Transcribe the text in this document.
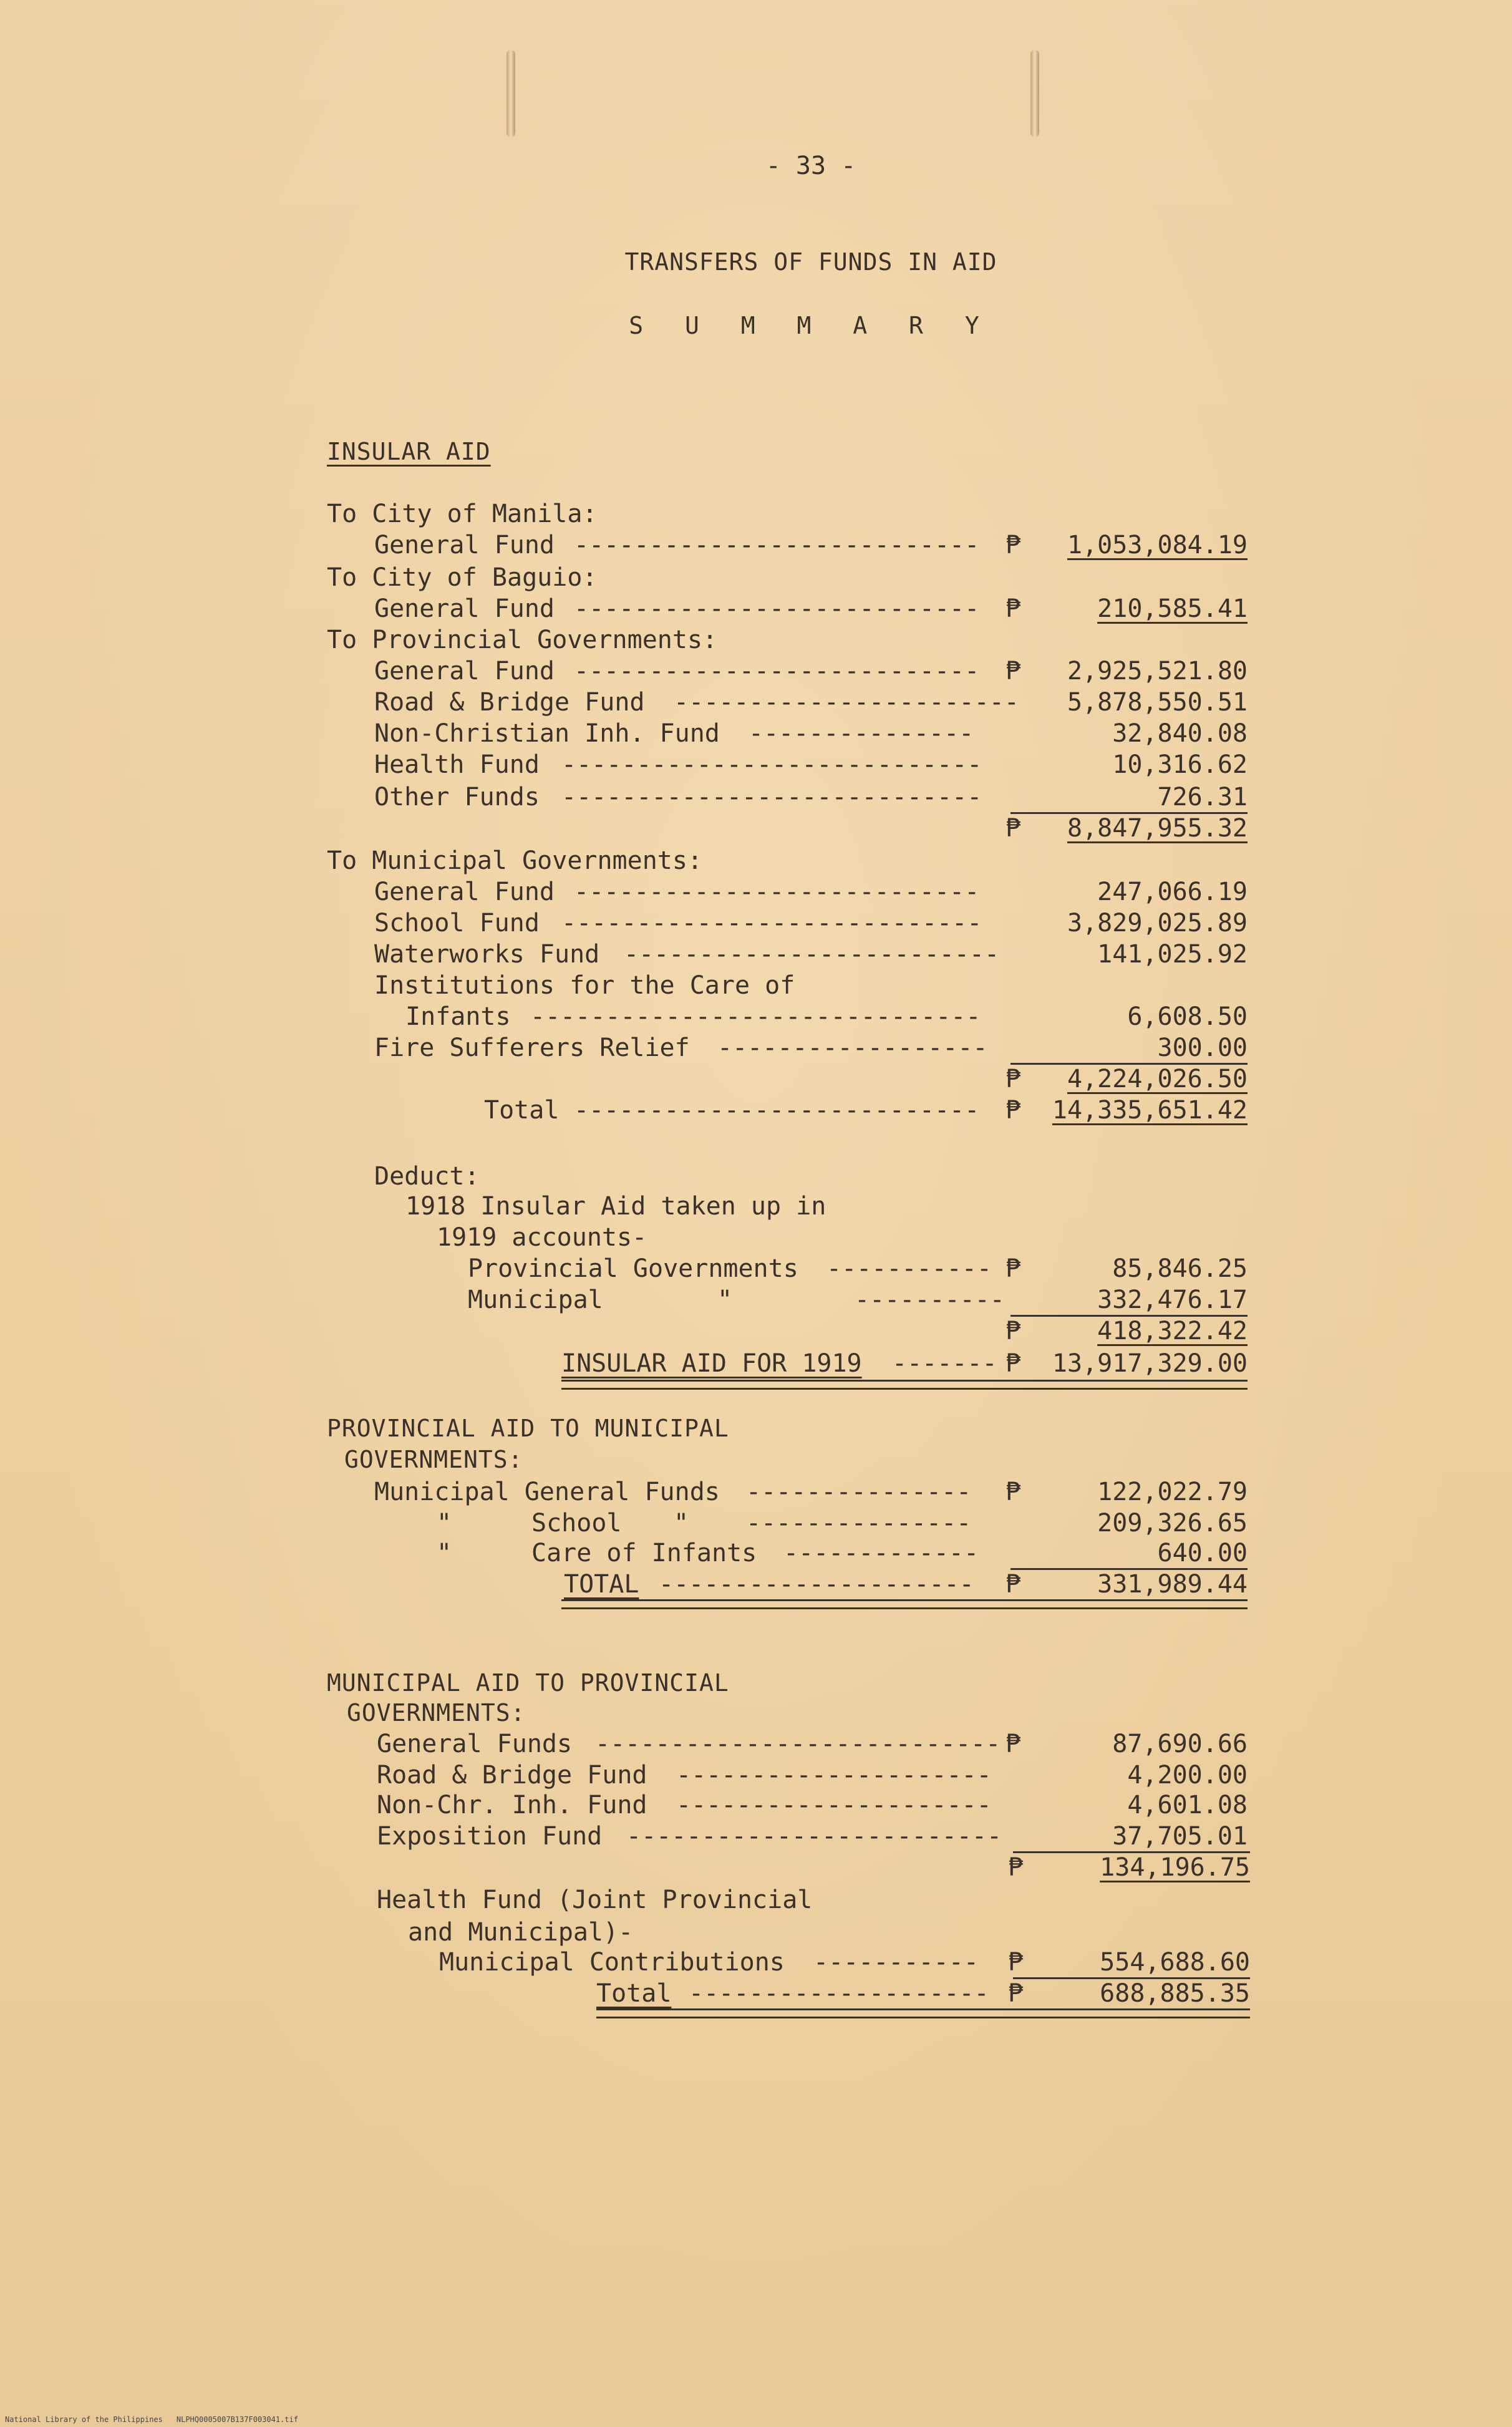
- 33 -
TRANSFERS OF FUNDS IN AID
S U M M A R Y
INSULAR AID
To City of Manila:
General Fund --------------------------- ₱	1,053,084.19
To City of Baguio:
General Fund --------------------------- ₱	210,585.41
To Provincial Governments:
General Fund --------------------------- ₱	2,925,521.80
Road & Bridge Fund -----------------------	5,878,550.51
Non-Christian Inh. Fund ---------------	32,840.08
Health Fund ----------------------------	10,316.62
Other Funds ----------------------------	726.31
₱	8,847,955.32
To Municipal Governments:
General Fund ---------------------------	247,066.19
School Fund ----------------------------	3,829,025.89
Waterworks Fund -------------------------	141,025.92
Institutions for the Care of
Infants ------------------------------	6,608.50
Fire Sufferers Relief ------------------	300.00
₱	4,224,026.50
Total --------------------------- ₱	14,335,651.42
Deduct:
1918 Insular Aid taken up in
1919 accounts-
Provincial Governments ----------- ₱	85,846.25
Municipal	"	----------	332,476.17
₱	418,322.42
INSULAR AID FOR 1919 ------- ₱	13,917,329.00
PROVINCIAL AID TO MUNICIPAL
GOVERNMENTS:
Municipal General Funds --------------- ₱	122,022.79
"	School " ---------------	209,326.65
"	Care of Infants -------------	640.00
TOTAL --------------------- ₱	331,989.44
MUNICIPAL AID TO PROVINCIAL
GOVERNMENTS:
General Funds --------------------------- ₱	87,690.66
Road & Bridge Fund ---------------------	4,200.00
Non-Chr. Inh. Fund ---------------------	4,601.08
Exposition Fund -------------------------	37,705.01
₱	134,196.75
Health Fund (Joint Provincial
and Municipal)-
Municipal Contributions ----------- ₱	554,688.60
Total -------------------- ₱	688,885.35
National Library of the Philippines NLPHQ0005007B137F003041.tif
